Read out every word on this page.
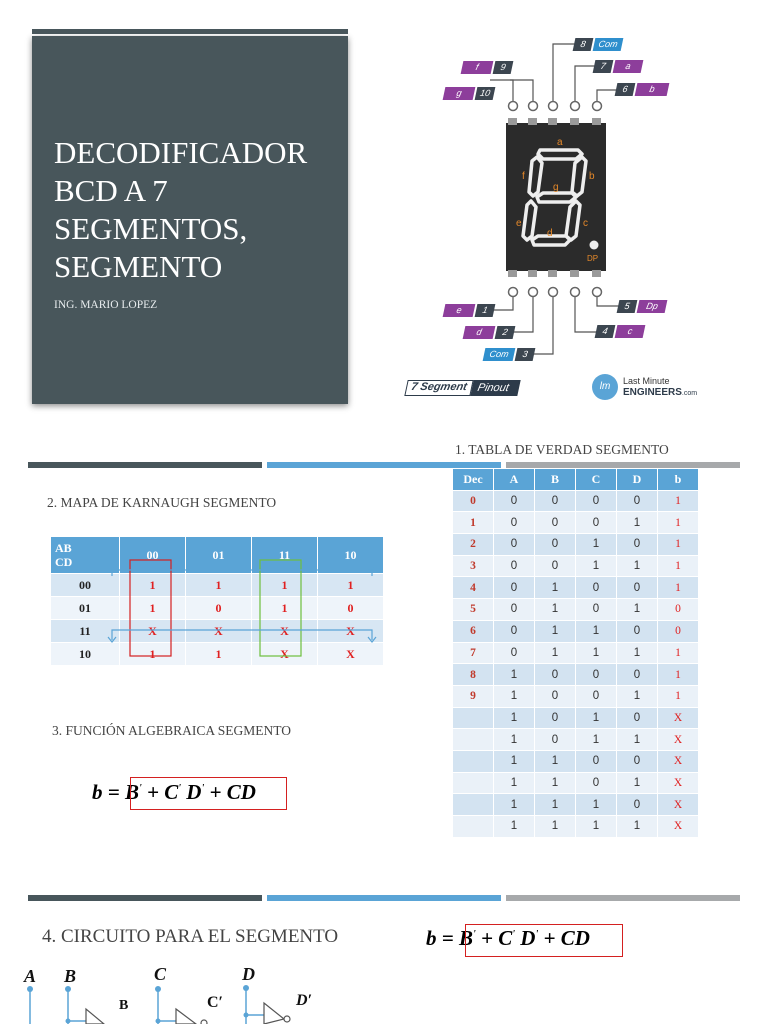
DECODIFICADOR
BCD A 7
SEGMENTOS,
SEGMENTO
ING. MARIO LOPEZ
a
b
c
d
e
f
g
DP
8	Com
7	a
6	b
f	9
g	10
e	1
d	2
Com	3
5	Dp
4	c
7 Segment Pinout	lm
Last Minute
ENGINEERS.com
1. TABLA DE VERDAD SEGMENTO
2. MAPA DE KARNAUGH SEGMENTO
AB
CD	00	01	11	10
00	1	1	1	1
01	1	0	1	0
11	X	X	X	X
10	1	1	X	X
Dec	A	B	C	D	b
0	0	0	0	0	1
1	0	0	0	1	1
2	0	0	1	0	1
3	0	0	1	1	1
4	0	1	0	0	1
5	0	1	0	1	0
6	0	1	1	0	0
7	0	1	1	1	1
8	1	0	0	0	1
9	1	0	0	1	1
	1	0	1	0	X
	1	0	1	1	X
	1	1	0	0	X
	1	1	0	1	X
	1	1	1	0	X
	1	1	1	1	X
3. FUNCIÓN ALGEBRAICA SEGMENTO
b = B' + C' D' + CD
4. CIRCUITO PARA EL SEGMENTO	b = B' + C' D' + CD
A B	C	D
B	C′	D′
